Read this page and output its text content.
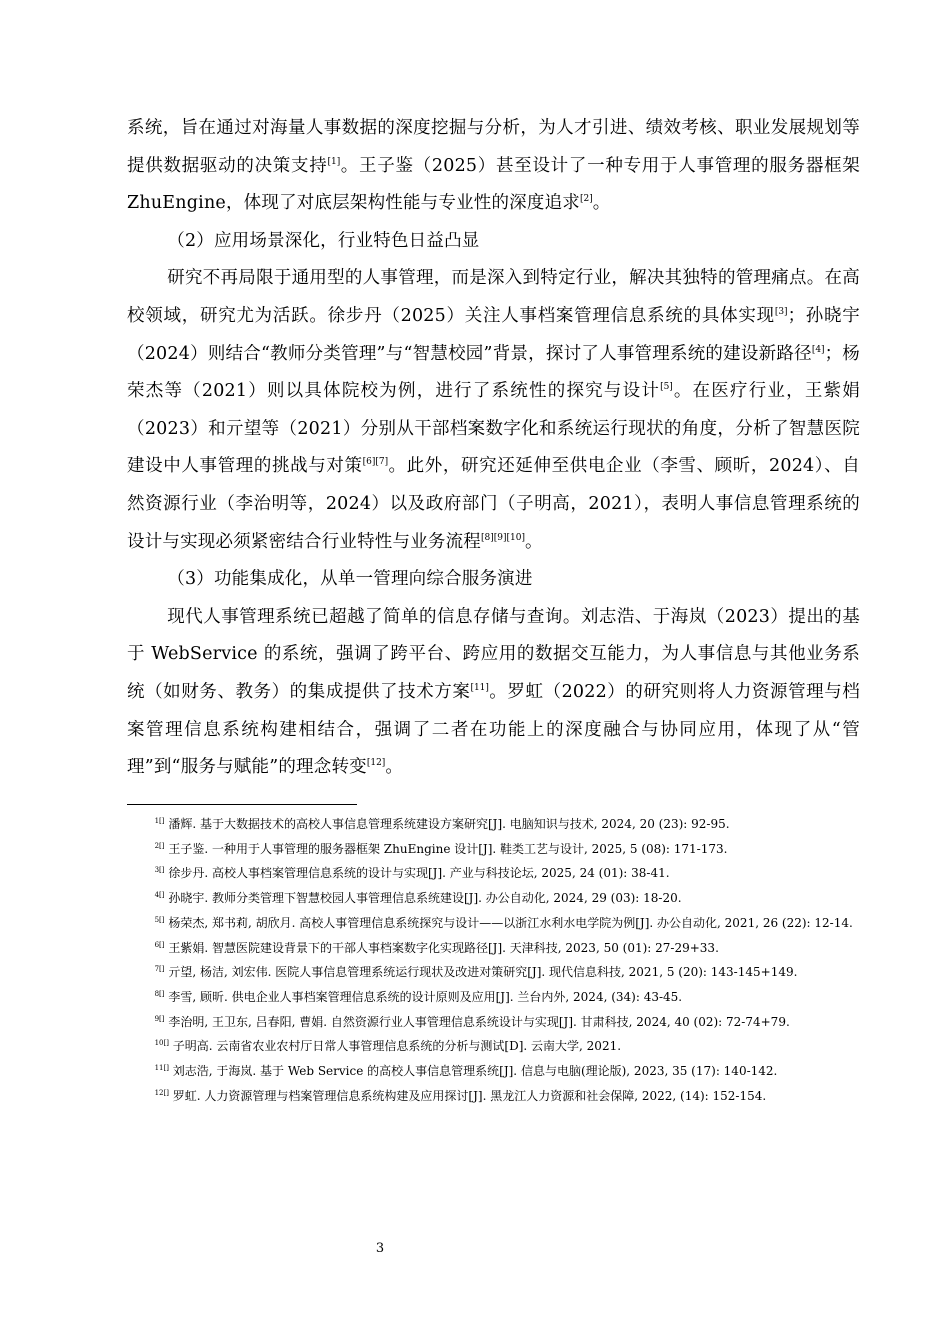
系统，旨在通过对海量人事数据的深度挖掘与分析，为人才引进、绩效考核、职业发展规划等提供数据驱动的决策支持[1]。王子鉴（2025）甚至设计了一种专用于人事管理的服务器框架 ZhuEngine，体现了对底层架构性能与专业性的深度追求[2]。

（2）应用场景深化，行业特色日益凸显

研究不再局限于通用型的人事管理，而是深入到特定行业，解决其独特的管理痛点。在高校领域，研究尤为活跃。徐步丹（2025）关注人事档案管理信息系统的具体实现[3]；孙晓宇（2024）则结合“教师分类管理”与“智慧校园”背景，探讨了人事管理系统的建设新路径[4]；杨荣杰等（2021）则以具体院校为例，进行了系统性的探究与设计[5]。在医疗行业，王紫娟（2023）和亓望等（2021）分别从干部档案数字化和系统运行现状的角度，分析了智慧医院建设中人事管理的挑战与对策[6][7]。此外，研究还延伸至供电企业（李雪、顾昕，2024）、自然资源行业（李治明等，2024）以及政府部门（子明高，2021），表明人事信息管理系统的设计与实现必须紧密结合行业特性与业务流程[8][9][10]。

（3）功能集成化，从单一管理向综合服务演进

现代人事管理系统已超越了简单的信息存储与查询。刘志浩、于海岚（2023）提出的基于 WebService 的系统，强调了跨平台、跨应用的数据交互能力，为人事信息与其他业务系统（如财务、教务）的集成提供了技术方案[11]。罗虹（2022）的研究则将人力资源管理与档案管理信息系统构建相结合，强调了二者在功能上的深度融合与协同应用，体现了从“管理”到“服务与赋能”的理念转变[12]。

$^{1[]}$ 潘辉. 基于大数据技术的高校人事信息管理系统建设方案研究[J]. 电脑知识与技术, 2024, 20 (23): 92-95.

$^{2[]}$ 王子鉴. 一种用于人事管理的服务器框架 ZhuEngine 设计[J]. 鞋类工艺与设计, 2025, 5 (08): 171-173.

$^{3[]}$ 徐步丹. 高校人事档案管理信息系统的设计与实现[J]. 产业与科技论坛, 2025, 24 (01): 38-41.

$^{4[]}$ 孙晓宇. 教师分类管理下智慧校园人事管理信息系统建设[J]. 办公自动化, 2024, 29 (03): 18-20.

$^{5[]}$ 杨荣杰, 郑书莉, 胡欣月. 高校人事管理信息系统探究与设计——以浙江水利水电学院为例[J]. 办公自动化, 2021, 26 (22): 12-14.

$^{6[]}$ 王紫娟. 智慧医院建设背景下的干部人事档案数字化实现路径[J]. 天津科技, 2023, 50 (01): 27-29+33.

$^{7[]}$ 亓望, 杨洁, 刘宏伟. 医院人事信息管理系统运行现状及改进对策研究[J]. 现代信息科技, 2021, 5 (20): 143-145+149.

$^{8[]}$ 李雪, 顾昕. 供电企业人事档案管理信息系统的设计原则及应用[J]. 兰台内外, 2024, (34): 43-45.

$^{9[]}$ 李治明, 王卫东, 吕春阳, 曹娟. 自然资源行业人事管理信息系统设计与实现[J]. 甘肃科技, 2024, 40 (02): 72-74+79.

$^{10[]}$ 子明高. 云南省农业农村厅日常人事管理信息系统的分析与测试[D]. 云南大学, 2021.

$^{11[]}$ 刘志浩, 于海岚. 基于 Web Service 的高校人事信息管理系统[J]. 信息与电脑(理论版), 2023, 35 (17): 140-142.

$^{12[]}$ 罗虹. 人力资源管理与档案管理信息系统构建及应用探讨[J]. 黑龙江人力资源和社会保障, 2022, (14): 152-154.

3
